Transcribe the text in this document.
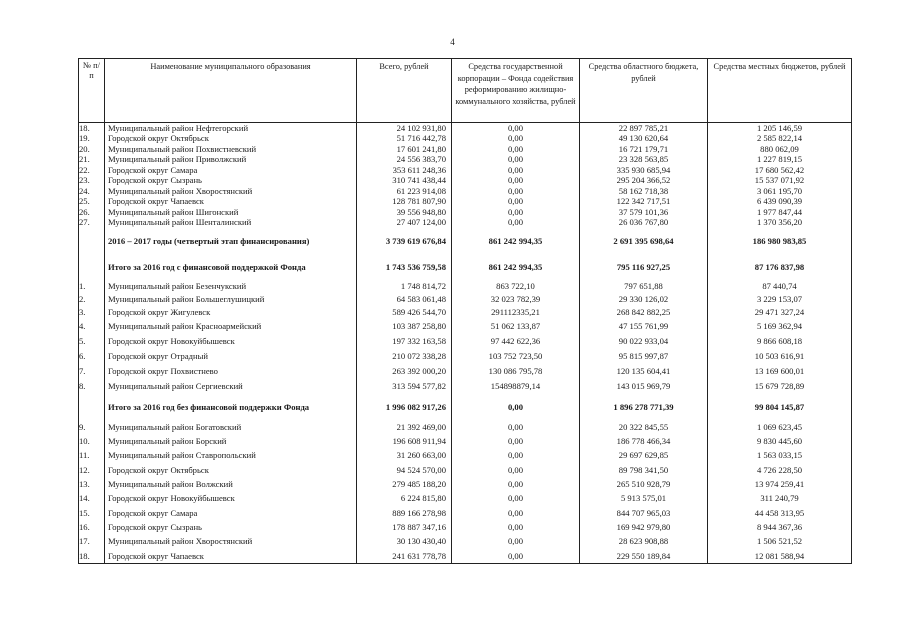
4
№ п/п	Наименование муниципального образования	Всего, рублей	Средства государственной корпорации – Фонда содействия реформированию жилищно-коммунального хозяйства, рублей	Средства областного бюджета, рублей	Средства местных бюджетов, рублей
18.	Муниципальный район Нефтегорский	24 102 931,80	0,00	22 897 785,21	1 205 146,59
19.	Городской округ Октябрьск	51 716 442,78	0,00	49 130 620,64	2 585 822,14
20.	Муниципальный район Похвистневский	17 601 241,80	0,00	16 721 179,71	880 062,09
21.	Муниципальный район Приволжский	24 556 383,70	0,00	23 328 563,85	1 227 819,15
22.	Городской округ Самара	353 611 248,36	0,00	335 930 685,94	17 680 562,42
23.	Городской округ Сызрань	310 741 438,44	0,00	295 204 366,52	15 537 071,92
24.	Муниципальный район Хворостянский	61 223 914,08	0,00	58 162 718,38	3 061 195,70
25.	Городской округ Чапаевск	128 781 807,90	0,00	122 342 717,51	6 439 090,39
26.	Муниципальный район Шигонский	39 556 948,80	0,00	37 579 101,36	1 977 847,44
27.	Муниципальный район Шенталинский	27 407 124,00	0,00	26 036 767,80	1 370 356,20
	2016 – 2017 годы (четвертый этап финансирования)	3 739 619 676,84	861 242 994,35	2 691 395 698,64	186 980 983,85
	Итого за 2016 год с финансовой поддержкой Фонда	1 743 536 759,58	861 242 994,35	795 116 927,25	87 176 837,98
1.	Муниципальный район Безенчукский	1 748 814,72	863 722,10	797 651,88	87 440,74
2.	Муниципальный район Большеглушицкий	64 583 061,48	32 023 782,39	29 330 126,02	3 229 153,07
3.	Городской округ Жигулевск	589 426 544,70	291112335,21	268 842 882,25	29 471 327,24
4.	Муниципальный район Красноармейский	103 387 258,80	51 062 133,87	47 155 761,99	5 169 362,94
5.	Городской округ Новокуйбышевск	197 332 163,58	97 442 622,36	90 022 933,04	9 866 608,18
6.	Городской округ Отрадный	210 072 338,28	103 752 723,50	95 815 997,87	10 503 616,91
7.	Городской округ Похвистнево	263 392 000,20	130 086 795,78	120 135 604,41	13 169 600,01
8.	Муниципальный район Сергиевский	313 594 577,82	154898879,14	143 015 969,79	15 679 728,89
	Итого за 2016 год без финансовой поддержки Фонда	1 996 082 917,26	0,00	1 896 278 771,39	99 804 145,87
9.	Муниципальный район Богатовский	21 392 469,00	0,00	20 322 845,55	1 069 623,45
10.	Муниципальный район Борский	196 608 911,94	0,00	186 778 466,34	9 830 445,60
11.	Муниципальный район Ставропольский	31 260 663,00	0,00	29 697 629,85	1 563 033,15
12.	Городской округ Октябрьск	94 524 570,00	0,00	89 798 341,50	4 726 228,50
13.	Муниципальный район Волжский	279 485 188,20	0,00	265 510 928,79	13 974 259,41
14.	Городской округ Новокуйбышевск	6 224 815,80	0,00	5 913 575,01	311 240,79
15.	Городской округ Самара	889 166 278,98	0,00	844 707 965,03	44 458 313,95
16.	Городской округ Сызрань	178 887 347,16	0,00	169 942 979,80	8 944 367,36
17.	Муниципальный район Хворостянский	30 130 430,40	0,00	28 623 908,88	1 506 521,52
18.	Городской округ Чапаевск	241 631 778,78	0,00	229 550 189,84	12 081 588,94
